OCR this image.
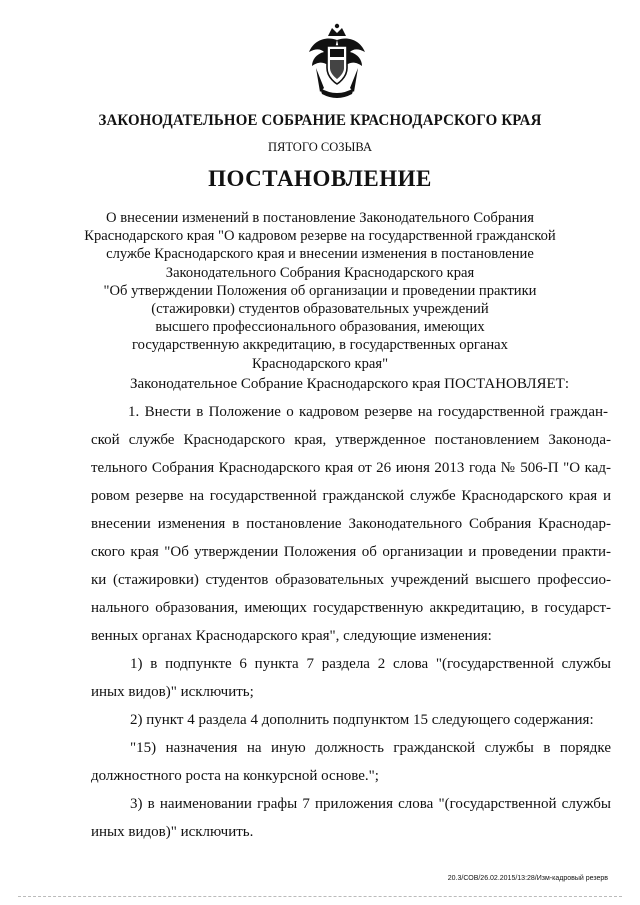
ЗАКОНОДАТЕЛЬНОЕ СОБРАНИЕ КРАСНОДАРСКОГО КРАЯ
ПЯТОГО СОЗЫВА
ПОСТАНОВЛЕНИЕ
О внесении изменений в постановление Законодательного Собрания
Краснодарского края "О кадровом резерве на государственной гражданской
службе Краснодарского края и внесении изменения в постановление
Законодательного Собрания Краснодарского края
"Об утверждении Положения об организации и проведении практики
(стажировки) студентов образовательных учреждений
высшего профессионального образования, имеющих
государственную аккредитацию, в государственных органах
Краснодарского края"
Законодательное Собрание Краснодарского края ПОСТАНОВЛЯЕТ:
1. Внести в Положение о кадровом резерве на государственной граждан-
ской службе Краснодарского края, утвержденное постановлением Законода-
тельного Собрания Краснодарского края от 26 июня 2013 года № 506-П "О кад-
ровом резерве на государственной гражданской службе Краснодарского края и
внесении изменения в постановление Законодательного Собрания Краснодар-
ского края "Об утверждении Положения об организации и проведении практи-
ки (стажировки) студентов образовательных учреждений высшего профессио-
нального образования, имеющих государственную аккредитацию, в государст-
венных органах Краснодарского края", следующие изменения:
1) в подпункте 6 пункта 7 раздела 2 слова "(государственной службы
иных видов)" исключить;
2) пункт 4 раздела 4 дополнить подпунктом 15 следующего содержания:
"15) назначения на иную должность гражданской службы в порядке
должностного роста на конкурсной основе.";
3) в наименовании графы 7 приложения слова "(государственной службы
иных видов)" исключить.
20.3/СОВ/26.02.2015/13:28/Изм-кадровый резерв
